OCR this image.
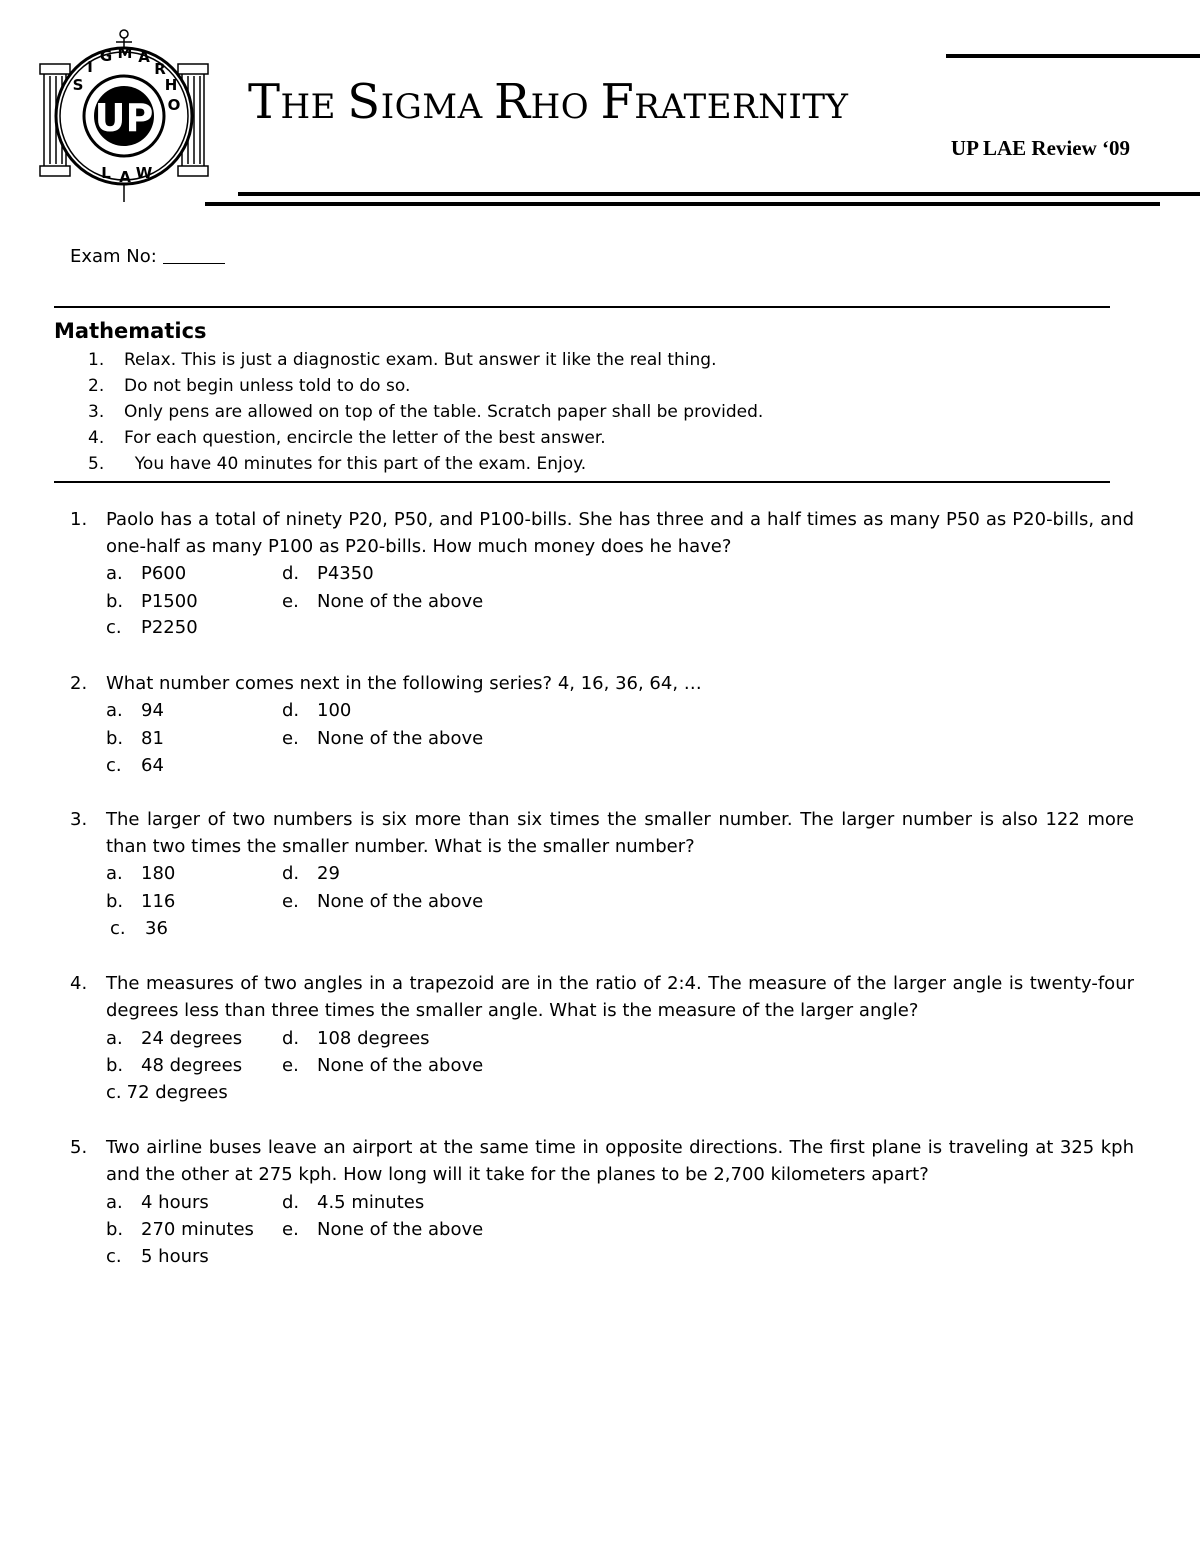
S
I
G M A
R
H
O
L A W
UP THE SIGMA RHO FRATERNITY
UP LAE Review ‘09
Exam No:
Mathematics
1. Relax. This is just a diagnostic exam. But answer it like the real thing.
2. Do not begin unless told to do so.
3. Only pens are allowed on top of the table. Scratch paper shall be provided.
4. For each question, encircle the letter of the best answer.
5.  You have 40 minutes for this part of the exam. Enjoy.
1.	Paolo has a total of ninety P20, P50, and P100-bills. She has three and a half times as many P50 as P20-bills, and one-half as many P100 as P20-bills. How much money does he have?
a. P600	d. P4350
b. P1500	e. None of the above
c. P2250
2.	What number comes next in the following series? 4, 16, 36, 64, …
a. 94	d. 100
b. 81	e. None of the above
c. 64
3.	The larger of two numbers is six more than six times the smaller number. The larger number is also 122 more than two times the smaller number. What is the smaller number?
a. 180	d. 29
b. 116	e. None of the above
c. 36
4.	The measures of two angles in a trapezoid are in the ratio of 2:4. The measure of the larger angle is twenty-four degrees less than three times the smaller angle. What is the measure of the larger angle?
a. 24 degrees d. 108 degrees
b. 48 degrees e. None of the above
c. 72 degrees
5.	Two airline buses leave an airport at the same time in opposite directions. The first plane is traveling at 325 kph and the other at 275 kph. How long will it take for the planes to be 2,700 kilometers apart?
a. 4 hours	d. 4.5 minutes
b. 270 minutes e. None of the above
c. 5 hours
